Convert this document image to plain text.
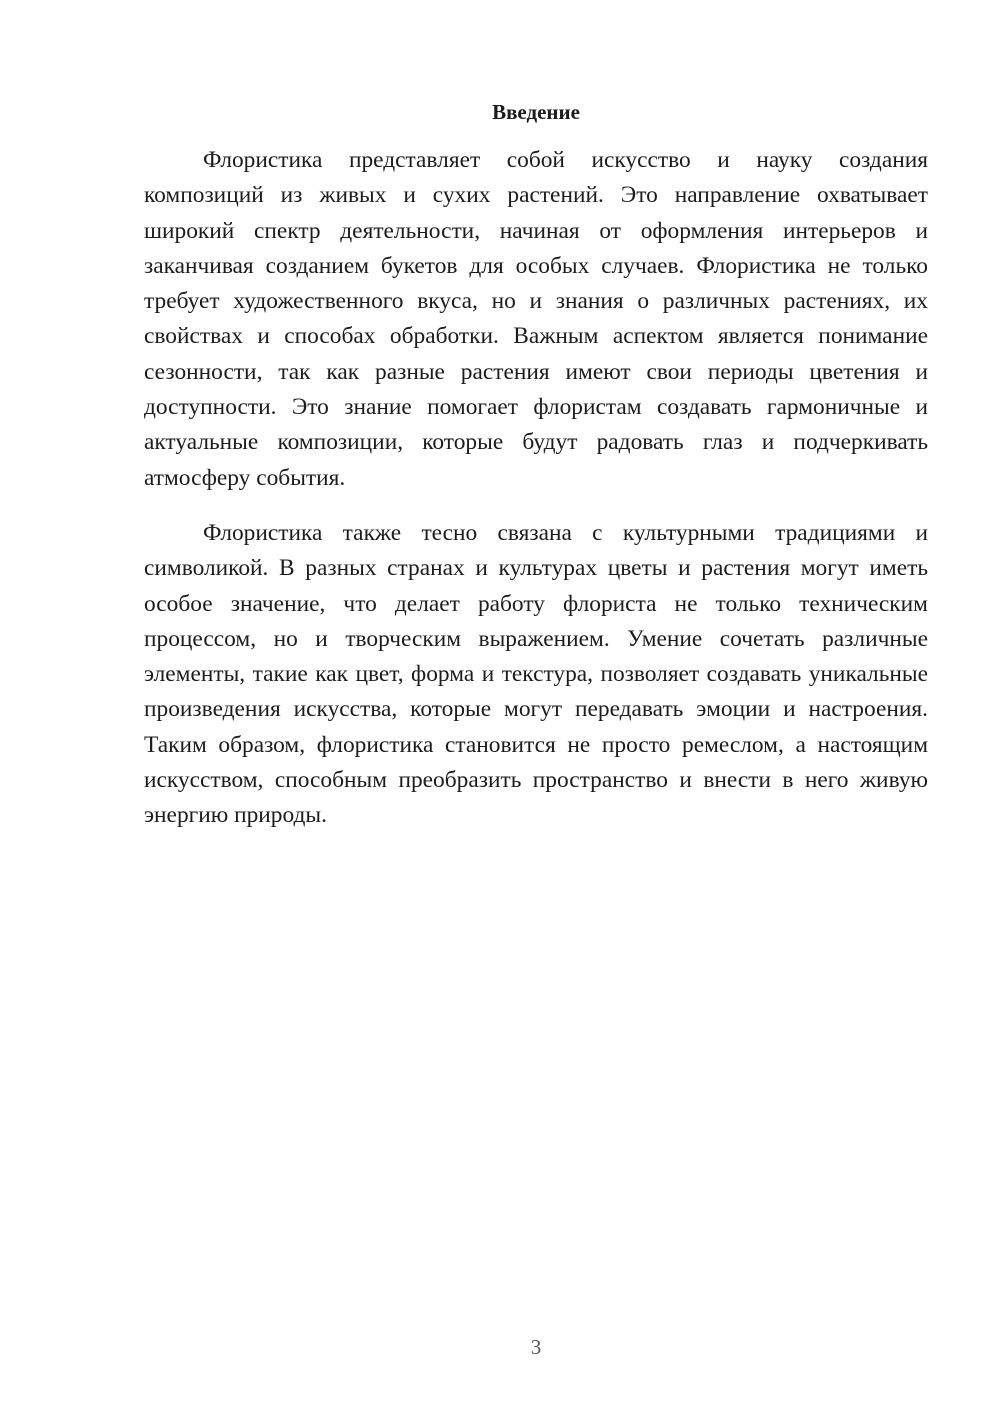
Введение

Флористика представляет собой искусство и науку создания композиций из живых и сухих растений. Это направление охватывает широкий спектр деятельности, начиная от оформления интерьеров и заканчивая созданием букетов для особых случаев. Флористика не только требует художественного вкуса, но и знания о различных растениях, их свойствах и способах обработки. Важным аспектом является понимание сезонности, так как разные растения имеют свои периоды цветения и доступности. Это знание помогает флористам создавать гармоничные и актуальные композиции, которые будут радовать глаз и подчеркивать атмосферу события.

Флористика также тесно связана с культурными традициями и символикой. В разных странах и культурах цветы и растения могут иметь особое значение, что делает работу флориста не только техническим процессом, но и творческим выражением. Умение сочетать различные элементы, такие как цвет, форма и текстура, позволяет создавать уникальные произведения искусства, которые могут передавать эмоции и настроения. Таким образом, флористика становится не просто ремеслом, а настоящим искусством, способным преобразить пространство и внести в него живую энергию природы.

3
